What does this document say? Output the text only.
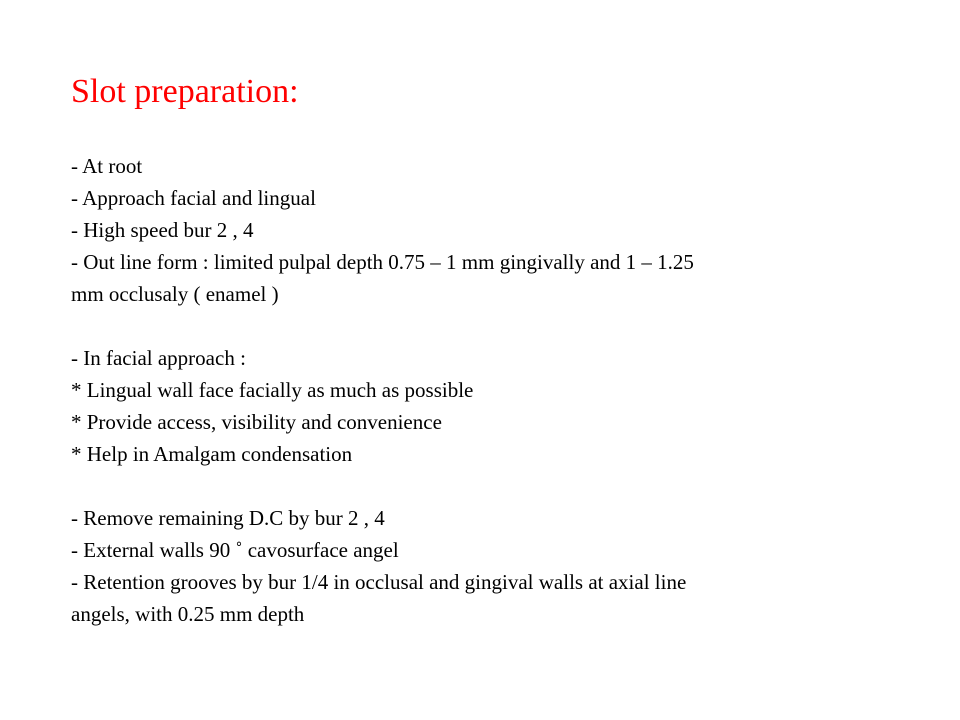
Slot preparation:
- At root
- Approach facial and lingual
- High speed bur 2 , 4
- Out line form : limited pulpal depth 0.75 – 1 mm gingivally and 1 – 1.25
mm occlusaly ( enamel )
- In facial approach :
* Lingual wall face facially as much as possible
* Provide access, visibility and convenience
* Help in Amalgam condensation
- Remove remaining D.C by bur 2 , 4
- External walls 90 ˚ cavosurface angel
- Retention grooves by bur 1/4 in occlusal and gingival walls at axial line
angels, with 0.25 mm depth
